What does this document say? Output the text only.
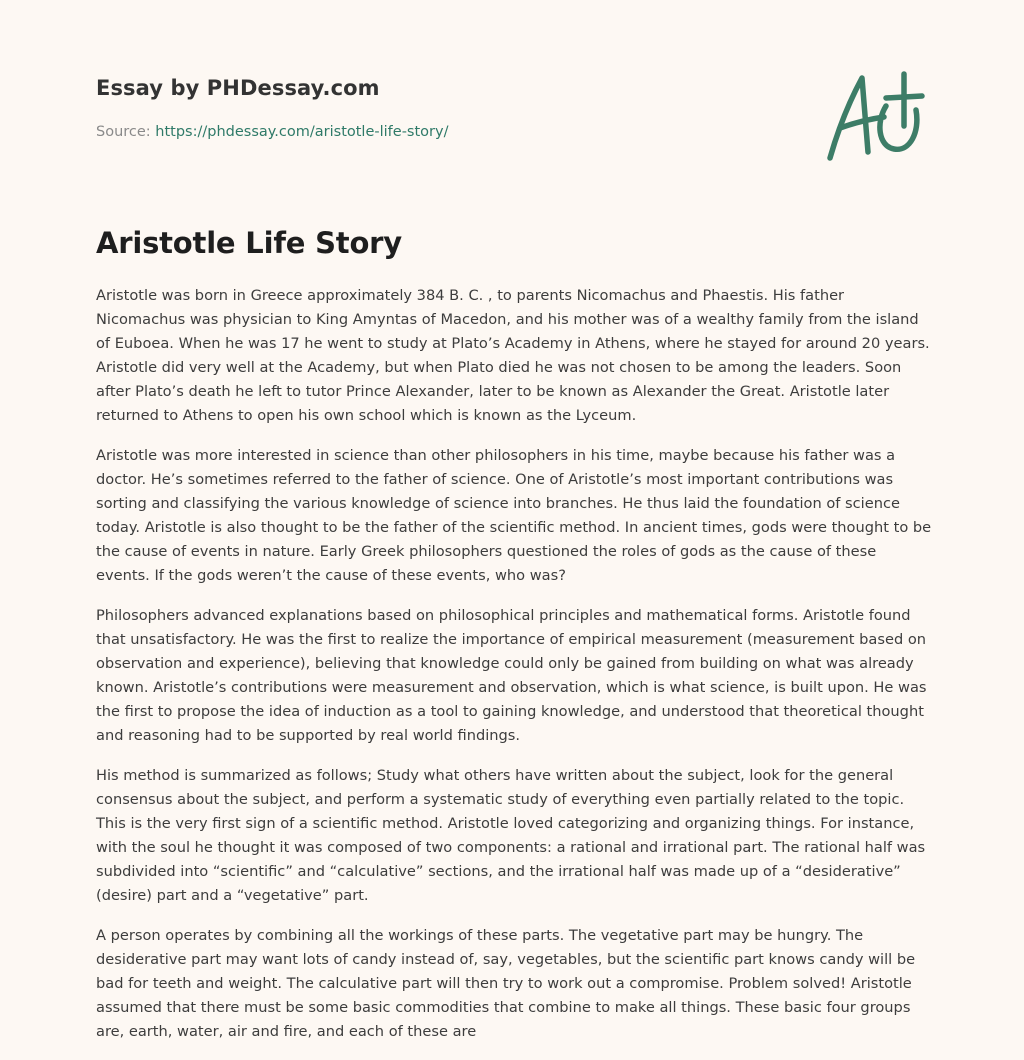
Essay by PHDessay.com
Source: https://phdessay.com/aristotle-life-story/
Aristotle Life Story

Aristotle was born in Greece approximately 384 B. C. , to parents Nicomachus and Phaestis. His father Nicomachus was physician to King Amyntas of Macedon, and his mother was of a wealthy family from the island of Euboea. When he was 17 he went to study at Plato’s Academy in Athens, where he stayed for around 20 years. Aristotle did very well at the Academy, but when Plato died he was not chosen to be among the leaders. Soon after Plato’s death he left to tutor Prince Alexander, later to be known as Alexander the Great. Aristotle later returned to Athens to open his own school which is known as the Lyceum.

Aristotle was more interested in science than other philosophers in his time, maybe because his father was a doctor. He’s sometimes referred to the father of science. One of Aristotle’s most important contributions was sorting and classifying the various knowledge of science into branches. He thus laid the foundation of science today. Aristotle is also thought to be the father of the scientific method. In ancient times, gods were thought to be the cause of events in nature. Early Greek philosophers questioned the roles of gods as the cause of these events. If the gods weren’t the cause of these events, who was?

Philosophers advanced explanations based on philosophical principles and mathematical forms. Aristotle found that unsatisfactory. He was the first to realize the importance of empirical measurement (measurement based on observation and experience), believing that knowledge could only be gained from building on what was already known. Aristotle’s contributions were measurement and observation, which is what science, is built upon. He was the first to propose the idea of induction as a tool to gaining knowledge, and understood that theoretical thought and reasoning had to be supported by real world findings.

His method is summarized as follows; Study what others have written about the subject, look for the general consensus about the subject, and perform a systematic study of everything even partially related to the topic. This is the very first sign of a scientific method. Aristotle loved categorizing and organizing things. For instance, with the soul he thought it was composed of two components: a rational and irrational part. The rational half was subdivided into “scientific” and “calculative” sections, and the irrational half was made up of a “desiderative” (desire) part and a “vegetative” part.

A person operates by combining all the workings of these parts. The vegetative part may be hungry. The desiderative part may want lots of candy instead of, say, vegetables, but the scientific part knows candy will be bad for teeth and weight. The calculative part will then try to work out a compromise. Problem solved! Aristotle assumed that there must be some basic commodities that combine to make all things. These basic four groups are, earth, water, air and fire, and each of these are
